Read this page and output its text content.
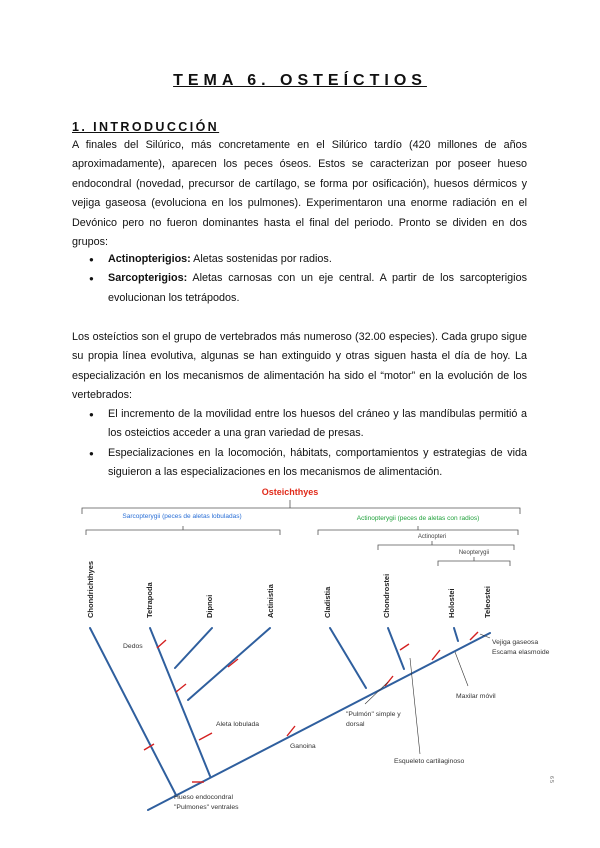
TEMA 6. OSTEÍCTIOS
1. INTRODUCCIÓN

A finales del Silúrico, más concretamente en el Silúrico tardío (420 millones de años aproximadamente), aparecen los peces óseos. Estos se caracterizan por poseer hueso endocondral (novedad, precursor de cartílago, se forma por osificación), huesos dérmicos y vejiga gaseosa (evoluciona en los pulmones). Experimentaron una enorme radiación en el Devónico pero no fueron dominantes hasta el final del periodo. Pronto se dividen en dos grupos:

● Actinopterigios: Aletas sostenidas por radios.
● Sarcopterigios: Aletas carnosas con un eje central. A partir de los sarcopterigios evolucionan los tetrápodos.

Los osteíctios son el grupo de vertebrados más numeroso (32.00 especies). Cada grupo sigue su propia línea evolutiva, algunas se han extinguido y otras siguen hasta el día de hoy. La especialización en los mecanismos de alimentación ha sido el “motor” en la evolución de los vertebrados:

● El incremento de la movilidad entre los huesos del cráneo y las mandíbulas permitió a los osteictios acceder a una gran variedad de presas.
● Especializaciones en la locomoción, hábitats, comportamientos y estrategias de vida siguieron a las especializaciones en los mecanismos de alimentación.
Osteichthyes
Sarcopterygii (peces de aletas lobuladas)	Actinopterygii (peces de aletas con radios)
Actinopteri
Neopterygii
Chondrichthyes	Tetrapoda	Dipnoi	Actinistia	Cladistia	Chondrostei	Holostei	Teleostei
Dedos
Aleta lobulada
Ganoina
"Pulmón" simple y
dorsal
Esqueleto cartilaginoso
Maxilar móvil
Vejiga gaseosa
Escama elasmoide
Hueso endocondral
"Pulmones" ventrales
6 5
